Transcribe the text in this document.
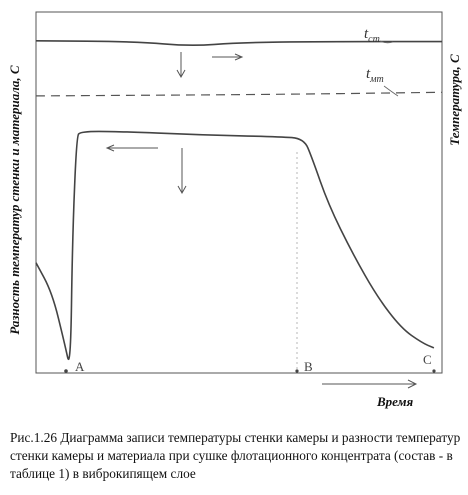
Разность температур стенки и материала, С	Температура, С
$t_{ст}$
$t_{мт}$
A	B	C
Время

Рис.1.26 Диаграмма записи температуры стенки камеры и разности температур стенки камеры и материала при сушке флотационного концентрата (состав - в таблице 1) в виброкипящем слое
